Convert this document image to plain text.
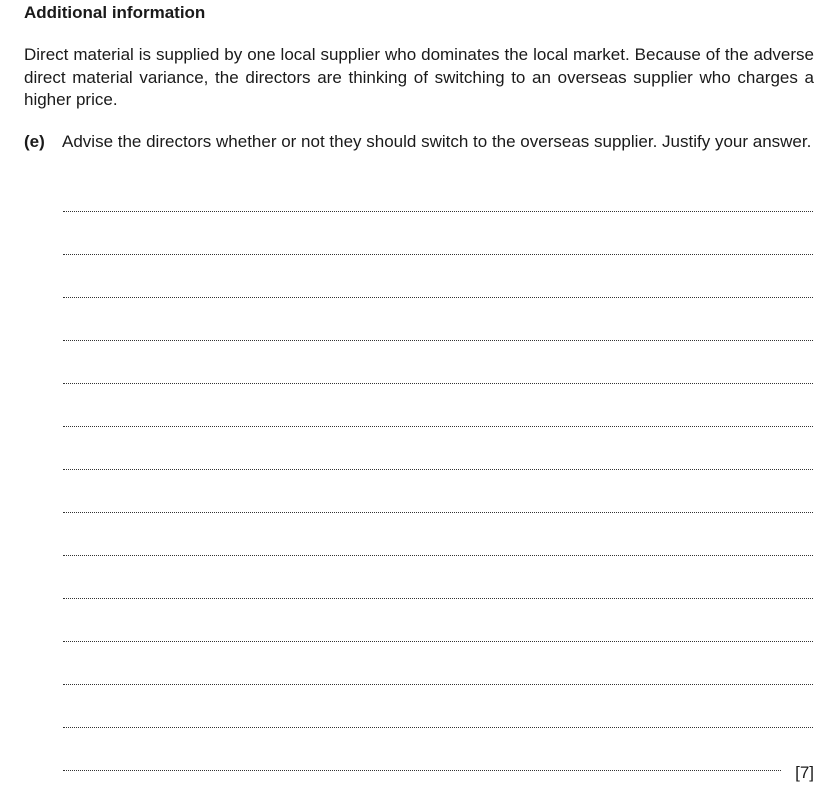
Additional information

Direct material is supplied by one local supplier who dominates the local market. Because of the adverse direct material variance, the directors are thinking of switching to an overseas supplier who charges a higher price.

(e) Advise the directors whether or not they should switch to the overseas supplier. Justify your answer.

[7]
